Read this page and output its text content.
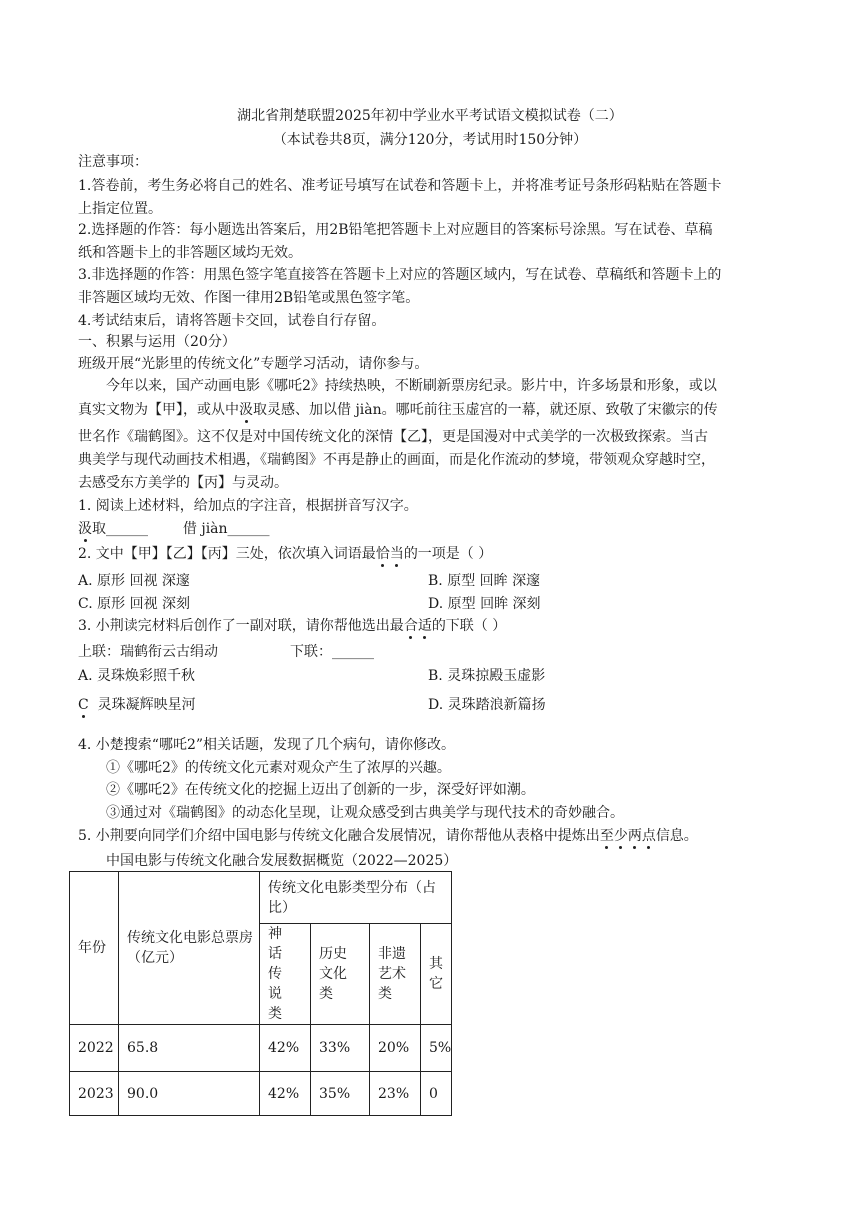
湖北省荆楚联盟2025年初中学业水平考试语文模拟试卷（二）
（本试卷共8页，满分120分，考试用时150分钟）
注意事项：
1.答卷前，考生务必将自己的姓名、准考证号填写在试卷和答题卡上，并将准考证号条形码粘贴在答题卡
上指定位置。
2.选择题的作答：每小题选出答案后，用2B铅笔把答题卡上对应题目的答案标号涂黑。写在试卷、草稿
纸和答题卡上的非答题区域均无效。
3.非选择题的作答：用黑色签字笔直接答在答题卡上对应的答题区域内，写在试卷、草稿纸和答题卡上的
非答题区域均无效、作图一律用2B铅笔或黑色签字笔。
4.考试结束后，请将答题卡交回，试卷自行存留。
一、积累与运用（20分）
班级开展“光影里的传统文化”专题学习活动，请你参与。
今年以来，国产动画电影《哪吒2》持续热映，不断刷新票房纪录。影片中，许多场景和形象，或以
真实文物为【甲】，或从中汲取灵感、加以借 jiàn。哪吒前往玉虚宫的一幕，就还原、致敬了宋徽宗的传
世名作《瑞鹤图》。这不仅是对中国传统文化的深情【乙】，更是国漫对中式美学的一次极致探索。当古
典美学与现代动画技术相遇，《瑞鹤图》不再是静止的画面，而是化作流动的梦境，带领观众穿越时空，
去感受东方美学的【丙】与灵动。
1. 阅读上述材料，给加点的字注音，根据拼音写汉字。
汲取______ 借 jiàn______
2. 文中【甲】【乙】【丙】三处，依次填入词语最恰当的一项是（ ）
A. 原形 回视 深邃	B. 原型 回眸 深邃
C. 原形 回视 深刻	D. 原型 回眸 深刻
3. 小荆读完材料后创作了一副对联，请你帮他选出最合适的下联（ ）
上联：瑞鹤衔云古绢动	下联：______
A. 灵珠焕彩照千秋	B. 灵珠掠殿玉虚影
C 灵珠凝辉映星河	D. 灵珠踏浪新篇扬
4. 小楚搜索“哪吒2”相关话题，发现了几个病句，请你修改。
①《哪吒2》的传统文化元素对观众产生了浓厚的兴趣。
②《哪吒2》在传统文化的挖掘上迈出了创新的一步，深受好评如潮。
③通过对《瑞鹤图》的动态化呈现，让观众感受到古典美学与现代技术的奇妙融合。
5. 小荆要向同学们介绍中国电影与传统文化融合发展情况，请你帮他从表格中提炼出至少两点信息。
中国电影与传统文化融合发展数据概览（2022—2025）
年份	传统文化电影总票房（亿元）	传统文化电影类型分布（占比）			
		神话传说类	历史文化类	非遗艺术类	其它
2022	65.8	42%	33%	20%	5%
2023	90.0	42%	35%	23%	0
